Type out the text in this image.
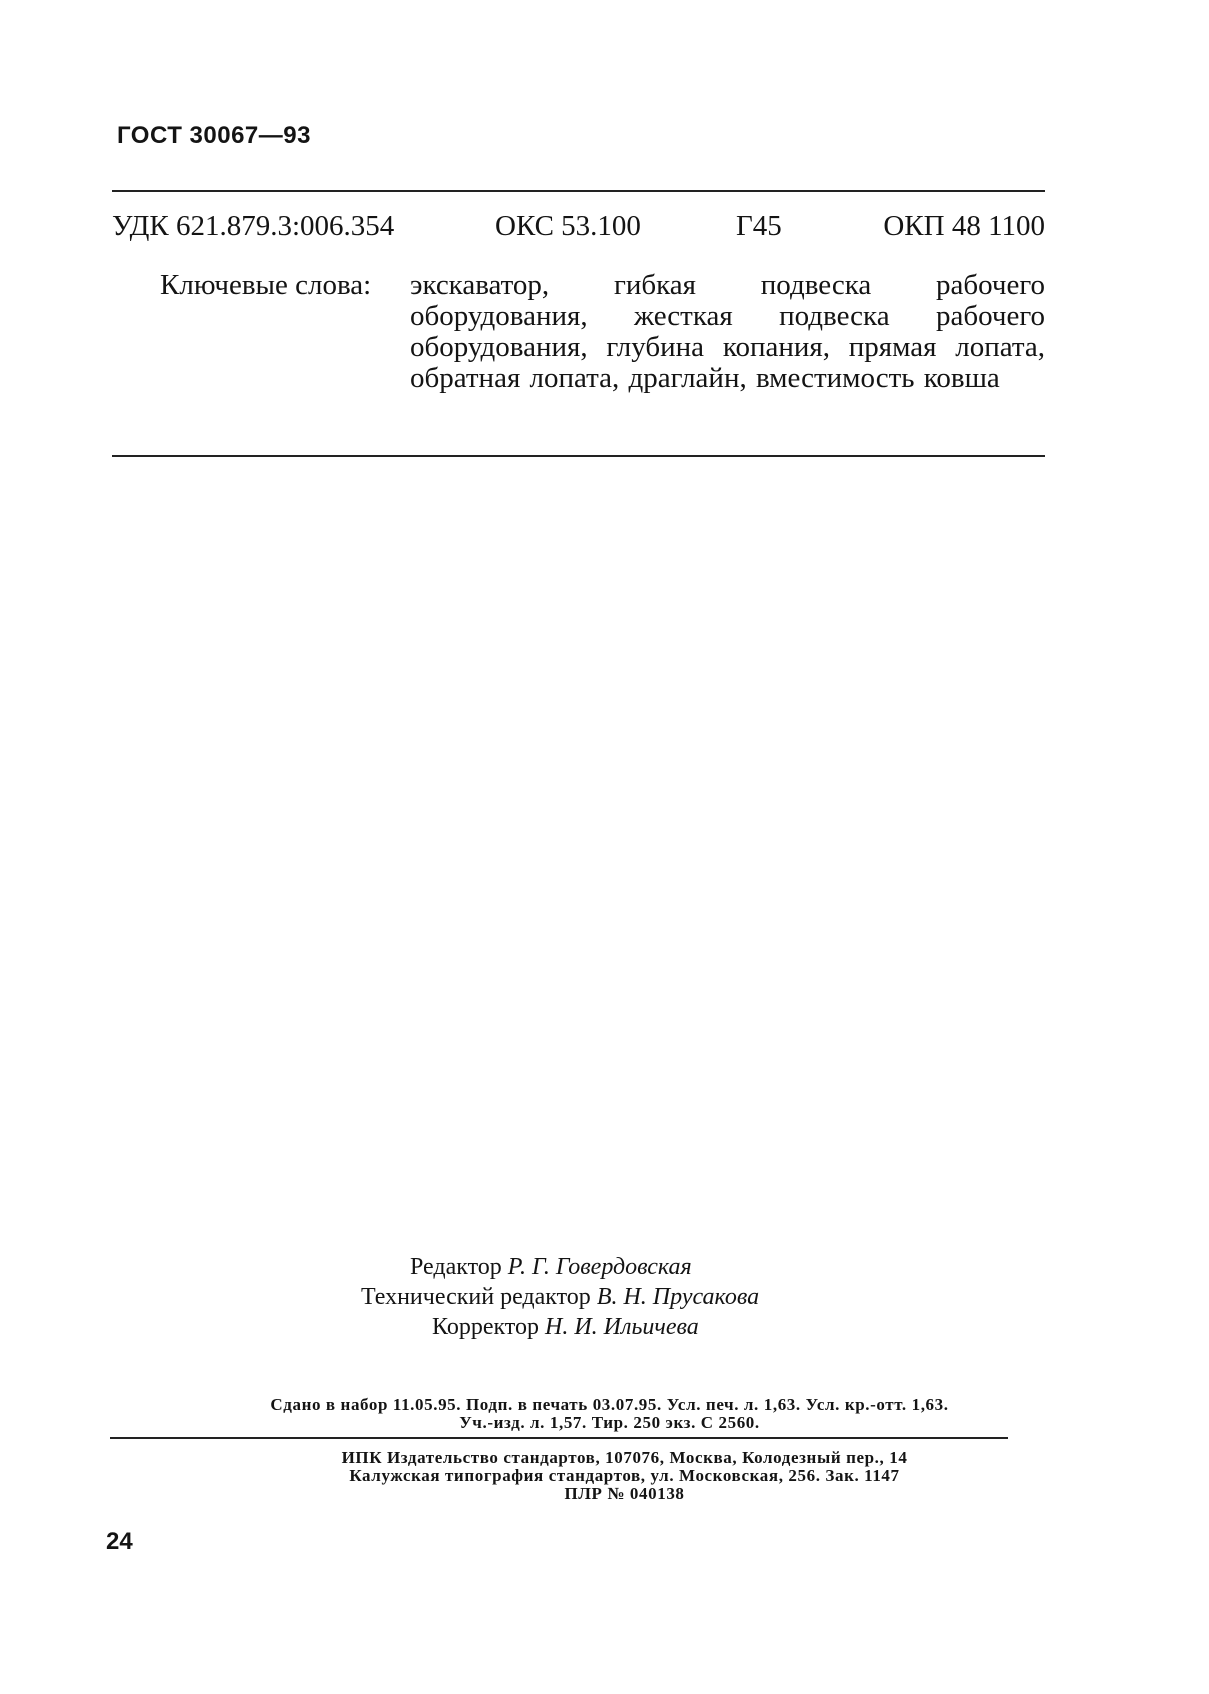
ГОСТ 30067—93
УДК 621.879.3:006.354	ОКС 53.100	Г45	ОКП 48 1100
Ключевые слова: экскаватор, гибкая подвеска рабочего оборудования, жесткая подвеска рабочего оборудования, глубина копания, прямая лопата, обратная лопата, драглайн, вместимость ковша
Редактор Р. Г. Говердовская
Технический редактор В. Н. Прусакова
Корректор Н. И. Ильичева
Сдано в набор 11.05.95. Подп. в печать 03.07.95. Усл. печ. л. 1,63. Усл. кр.-отт. 1,63.
Уч.-изд. л. 1,57. Тир. 250 экз. С 2560.
ИПК Издательство стандартов, 107076, Москва, Колодезный пер., 14
Калужская типография стандартов, ул. Московская, 256. Зак. 1147
ПЛР № 040138
24
